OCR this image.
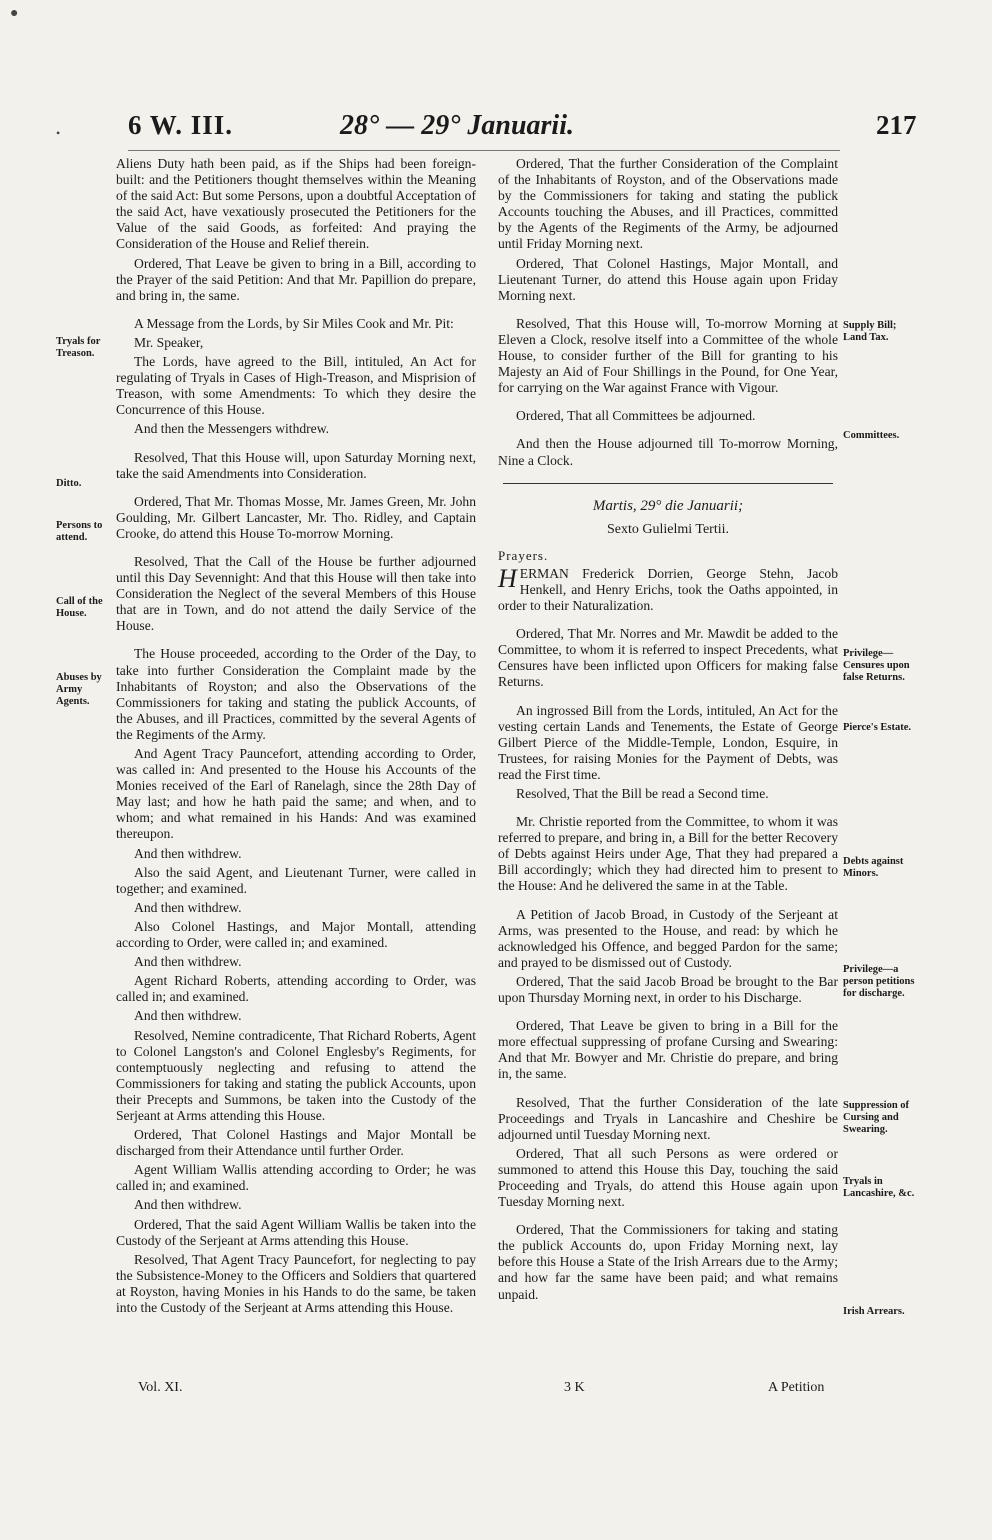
●
•	6 W. III.	28° — 29° Januarii.	217

Aliens Duty hath been paid, as if the Ships had been foreign-built: and the Petitioners thought themselves within the Meaning of the said Act: But some Persons, upon a doubtful Acceptation of the said Act, have vexatiously prosecuted the Petitioners for the Value of the said Goods, as forfeited: And praying the Consideration of the House and Relief therein.

Ordered, That Leave be given to bring in a Bill, according to the Prayer of the said Petition: And that Mr. Papillion do prepare, and bring in, the same.

A Message from the Lords, by Sir Miles Cook and Mr. Pit:

Mr. Speaker,

The Lords, have agreed to the Bill, intituled, An Act for regulating of Tryals in Cases of High-Treason, and Misprision of Treason, with some Amendments: To which they desire the Concurrence of this House.

And then the Messengers withdrew.

Resolved, That this House will, upon Saturday Morning next, take the said Amendments into Consideration.

Ordered, That Mr. Thomas Mosse, Mr. James Green, Mr. John Goulding, Mr. Gilbert Lancaster, Mr. Tho. Ridley, and Captain Crooke, do attend this House To-morrow Morning.

Resolved, That the Call of the House be further adjourned until this Day Sevennight: And that this House will then take into Consideration the Neglect of the several Members of this House that are in Town, and do not attend the daily Service of the House.

The House proceeded, according to the Order of the Day, to take into further Consideration the Complaint made by the Inhabitants of Royston; and also the Observations of the Commissioners for taking and stating the publick Accounts, of the Abuses, and ill Practices, committed by the several Agents of the Regiments of the Army.

And Agent Tracy Pauncefort, attending according to Order, was called in: And presented to the House his Accounts of the Monies received of the Earl of Ranelagh, since the 28th Day of May last; and how he hath paid the same; and when, and to whom; and what remained in his Hands: And was examined thereupon.

And then withdrew.

Also the said Agent, and Lieutenant Turner, were called in together; and examined.

And then withdrew.

Also Colonel Hastings, and Major Montall, attending according to Order, were called in; and examined.

And then withdrew.

Agent Richard Roberts, attending according to Order, was called in; and examined.

And then withdrew.

Resolved, Nemine contradicente, That Richard Roberts, Agent to Colonel Langston's and Colonel Englesby's Regiments, for contemptuously neglecting and refusing to attend the Commissioners for taking and stating the publick Accounts, upon their Precepts and Summons, be taken into the Custody of the Serjeant at Arms attending this House.

Ordered, That Colonel Hastings and Major Montall be discharged from their Attendance until further Order.

Agent William Wallis attending according to Order; he was called in; and examined.

And then withdrew.

Ordered, That the said Agent William Wallis be taken into the Custody of the Serjeant at Arms attending this House.

Resolved, That Agent Tracy Pauncefort, for neglecting to pay the Subsistence-Money to the Officers and Soldiers that quartered at Royston, having Monies in his Hands to do the same, be taken into the Custody of the Serjeant at Arms attending this House.

Ordered, That the further Consideration of the Complaint of the Inhabitants of Royston, and of the Observations made by the Commissioners for taking and stating the publick Accounts touching the Abuses, and ill Practices, committed by the Agents of the Regiments of the Army, be adjourned until Friday Morning next.

Ordered, That Colonel Hastings, Major Montall, and Lieutenant Turner, do attend this House again upon Friday Morning next.

Resolved, That this House will, To-morrow Morning at Eleven a Clock, resolve itself into a Committee of the whole House, to consider further of the Bill for granting to his Majesty an Aid of Four Shillings in the Pound, for One Year, for carrying on the War against France with Vigour.

Ordered, That all Committees be adjourned.

And then the House adjourned till To-morrow Morning, Nine a Clock.

Martis, 29° die Januarii;
Sexto Gulielmi Tertii.
Prayers.

HERMAN Frederick Dorrien, George Stehn, Jacob Henkell, and Henry Erichs, took the Oaths appointed, in order to their Naturalization.

Ordered, That Mr. Norres and Mr. Mawdit be added to the Committee, to whom it is referred to inspect Precedents, what Censures have been inflicted upon Officers for making false Returns.

An ingrossed Bill from the Lords, intituled, An Act for the vesting certain Lands and Tenements, the Estate of George Gilbert Pierce of the Middle-Temple, London, Esquire, in Trustees, for raising Monies for the Payment of Debts, was read the First time.

Resolved, That the Bill be read a Second time.

Mr. Christie reported from the Committee, to whom it was referred to prepare, and bring in, a Bill for the better Recovery of Debts against Heirs under Age, That they had prepared a Bill accordingly; which they had directed him to present to the House: And he delivered the same in at the Table.

A Petition of Jacob Broad, in Custody of the Serjeant at Arms, was presented to the House, and read: by which he acknowledged his Offence, and begged Pardon for the same; and prayed to be dismissed out of Custody.

Ordered, That the said Jacob Broad be brought to the Bar upon Thursday Morning next, in order to his Discharge.

Ordered, That Leave be given to bring in a Bill for the more effectual suppressing of profane Cursing and Swearing: And that Mr. Bowyer and Mr. Christie do prepare, and bring in, the same.

Resolved, That the further Consideration of the late Proceedings and Tryals in Lancashire and Cheshire be adjourned until Tuesday Morning next.

Ordered, That all such Persons as were ordered or summoned to attend this House this Day, touching the said Proceeding and Tryals, do attend this House again upon Tuesday Morning next.

Ordered, That the Commissioners for taking and stating the publick Accounts do, upon Friday Morning next, lay before this House a State of the Irish Arrears due to the Army; and how far the same have been paid; and what remains unpaid.

Tryals for Treason.
Ditto.
Persons to attend.
Call of the House.
Abuses by Army Agents.
Supply Bill; Land Tax.
Committees.
Privilege—Censures upon false Returns.
Pierce's Estate.
Debts against Minors.
Privilege—a person petitions for discharge.
Suppression of Cursing and Swearing.
Tryals in Lancashire, &c.
Irish Arrears.
Vol. XI.	3 K	A Petition
